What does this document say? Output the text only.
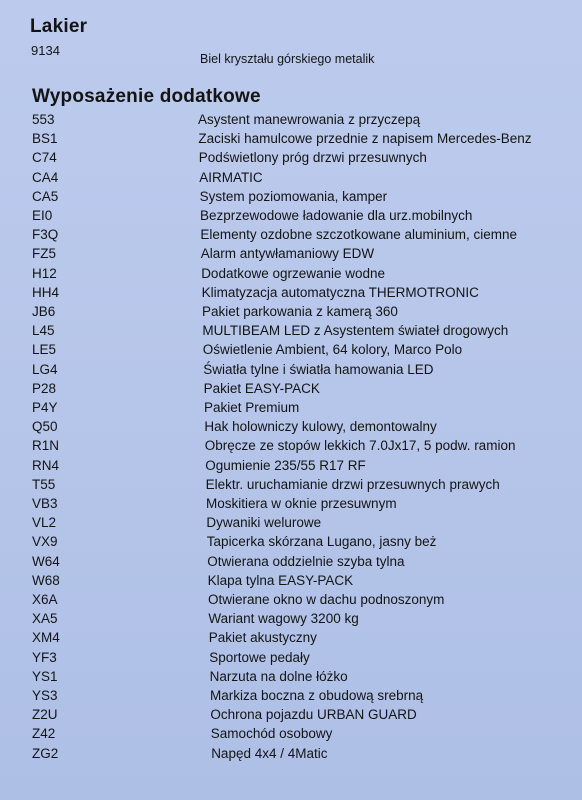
Lakier
9134
Biel kryształu górskiego metalik
Wyposażenie dodatkowe
553	Asystent manewrowania z przyczepą
BS1	Zaciski hamulcowe przednie z napisem Mercedes-Benz
C74	Podświetlony próg drzwi przesuwnych
CA4	AIRMATIC
CA5	System poziomowania, kamper
EI0	Bezprzewodowe ładowanie dla urz.mobilnych
F3Q	Elementy ozdobne szczotkowane aluminium, ciemne
FZ5	Alarm antywłamaniowy EDW
H12	Dodatkowe ogrzewanie wodne
HH4	Klimatyzacja automatyczna THERMOTRONIC
JB6	Pakiet parkowania z kamerą 360
L45	MULTIBEAM LED z Asystentem świateł drogowych
LE5	Oświetlenie Ambient, 64 kolory, Marco Polo
LG4	Światła tylne i światła hamowania LED
P28	Pakiet EASY-PACK
P4Y	Pakiet Premium
Q50	Hak holowniczy kulowy, demontowalny
R1N	Obręcze ze stopów lekkich 7.0Jx17, 5 podw. ramion
RN4	Ogumienie 235/55 R17 RF
T55	Elektr. uruchamianie drzwi przesuwnych prawych
VB3	Moskitiera w oknie przesuwnym
VL2	Dywaniki welurowe
VX9	Tapicerka skórzana Lugano, jasny beż
W64	Otwierana oddzielnie szyba tylna
W68	Klapa tylna EASY-PACK
X6A	Otwierane okno w dachu podnoszonym
XA5	Wariant wagowy 3200 kg
XM4	Pakiet akustyczny
YF3	Sportowe pedały
YS1	Narzuta na dolne łóżko
YS3	Markiza boczna z obudową srebrną
Z2U	Ochrona pojazdu URBAN GUARD
Z42	Samochód osobowy
ZG2	Napęd 4x4 / 4Matic
